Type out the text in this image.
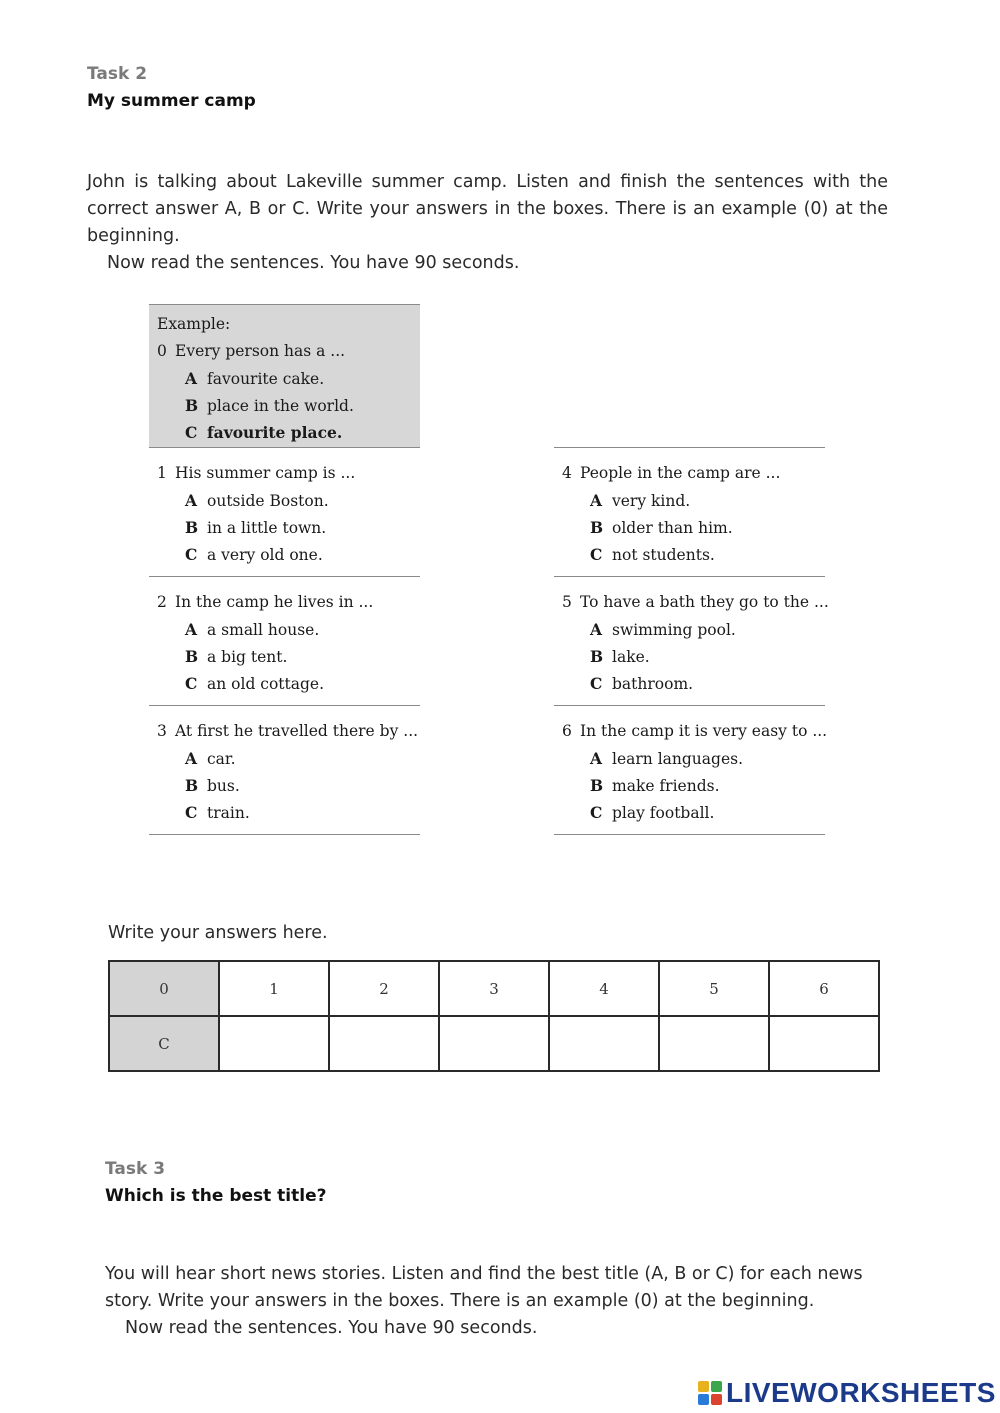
Task 2
My summer camp

John is talking about Lakeville summer camp. Listen and finish the sentences with the correct answer A, B or C. Write your answers in the boxes. There is an example (0) at the beginning.

Now read the sentences. You have 90 seconds.

Example:
0 Every person has a ...
A favourite cake.
B place in the world.
C favourite place.
1 His summer camp is ...
A outside Boston.
B in a little town.
C a very old one.
2 In the camp he lives in ...
A a small house.
B a big tent.
C an old cottage.
3 At first he travelled there by ...
A car.
B bus.
C train.
4 People in the camp are ...
A very kind.
B older than him.
C not students.
5 To have a bath they go to the ...
A swimming pool.
B lake.
C bathroom.
6 In the camp it is very easy to ...
A learn languages.
B make friends.
C play football.
Write your answers here.
0	1	2	3	4	5	6
C						
Task 3
Which is the best title?

You will hear short news stories. Listen and find the best title (A, B or C) for each news story. Write your answers in the boxes. There is an example (0) at the beginning.

Now read the sentences. You have 90 seconds.

LIVEWORKSHEETS
